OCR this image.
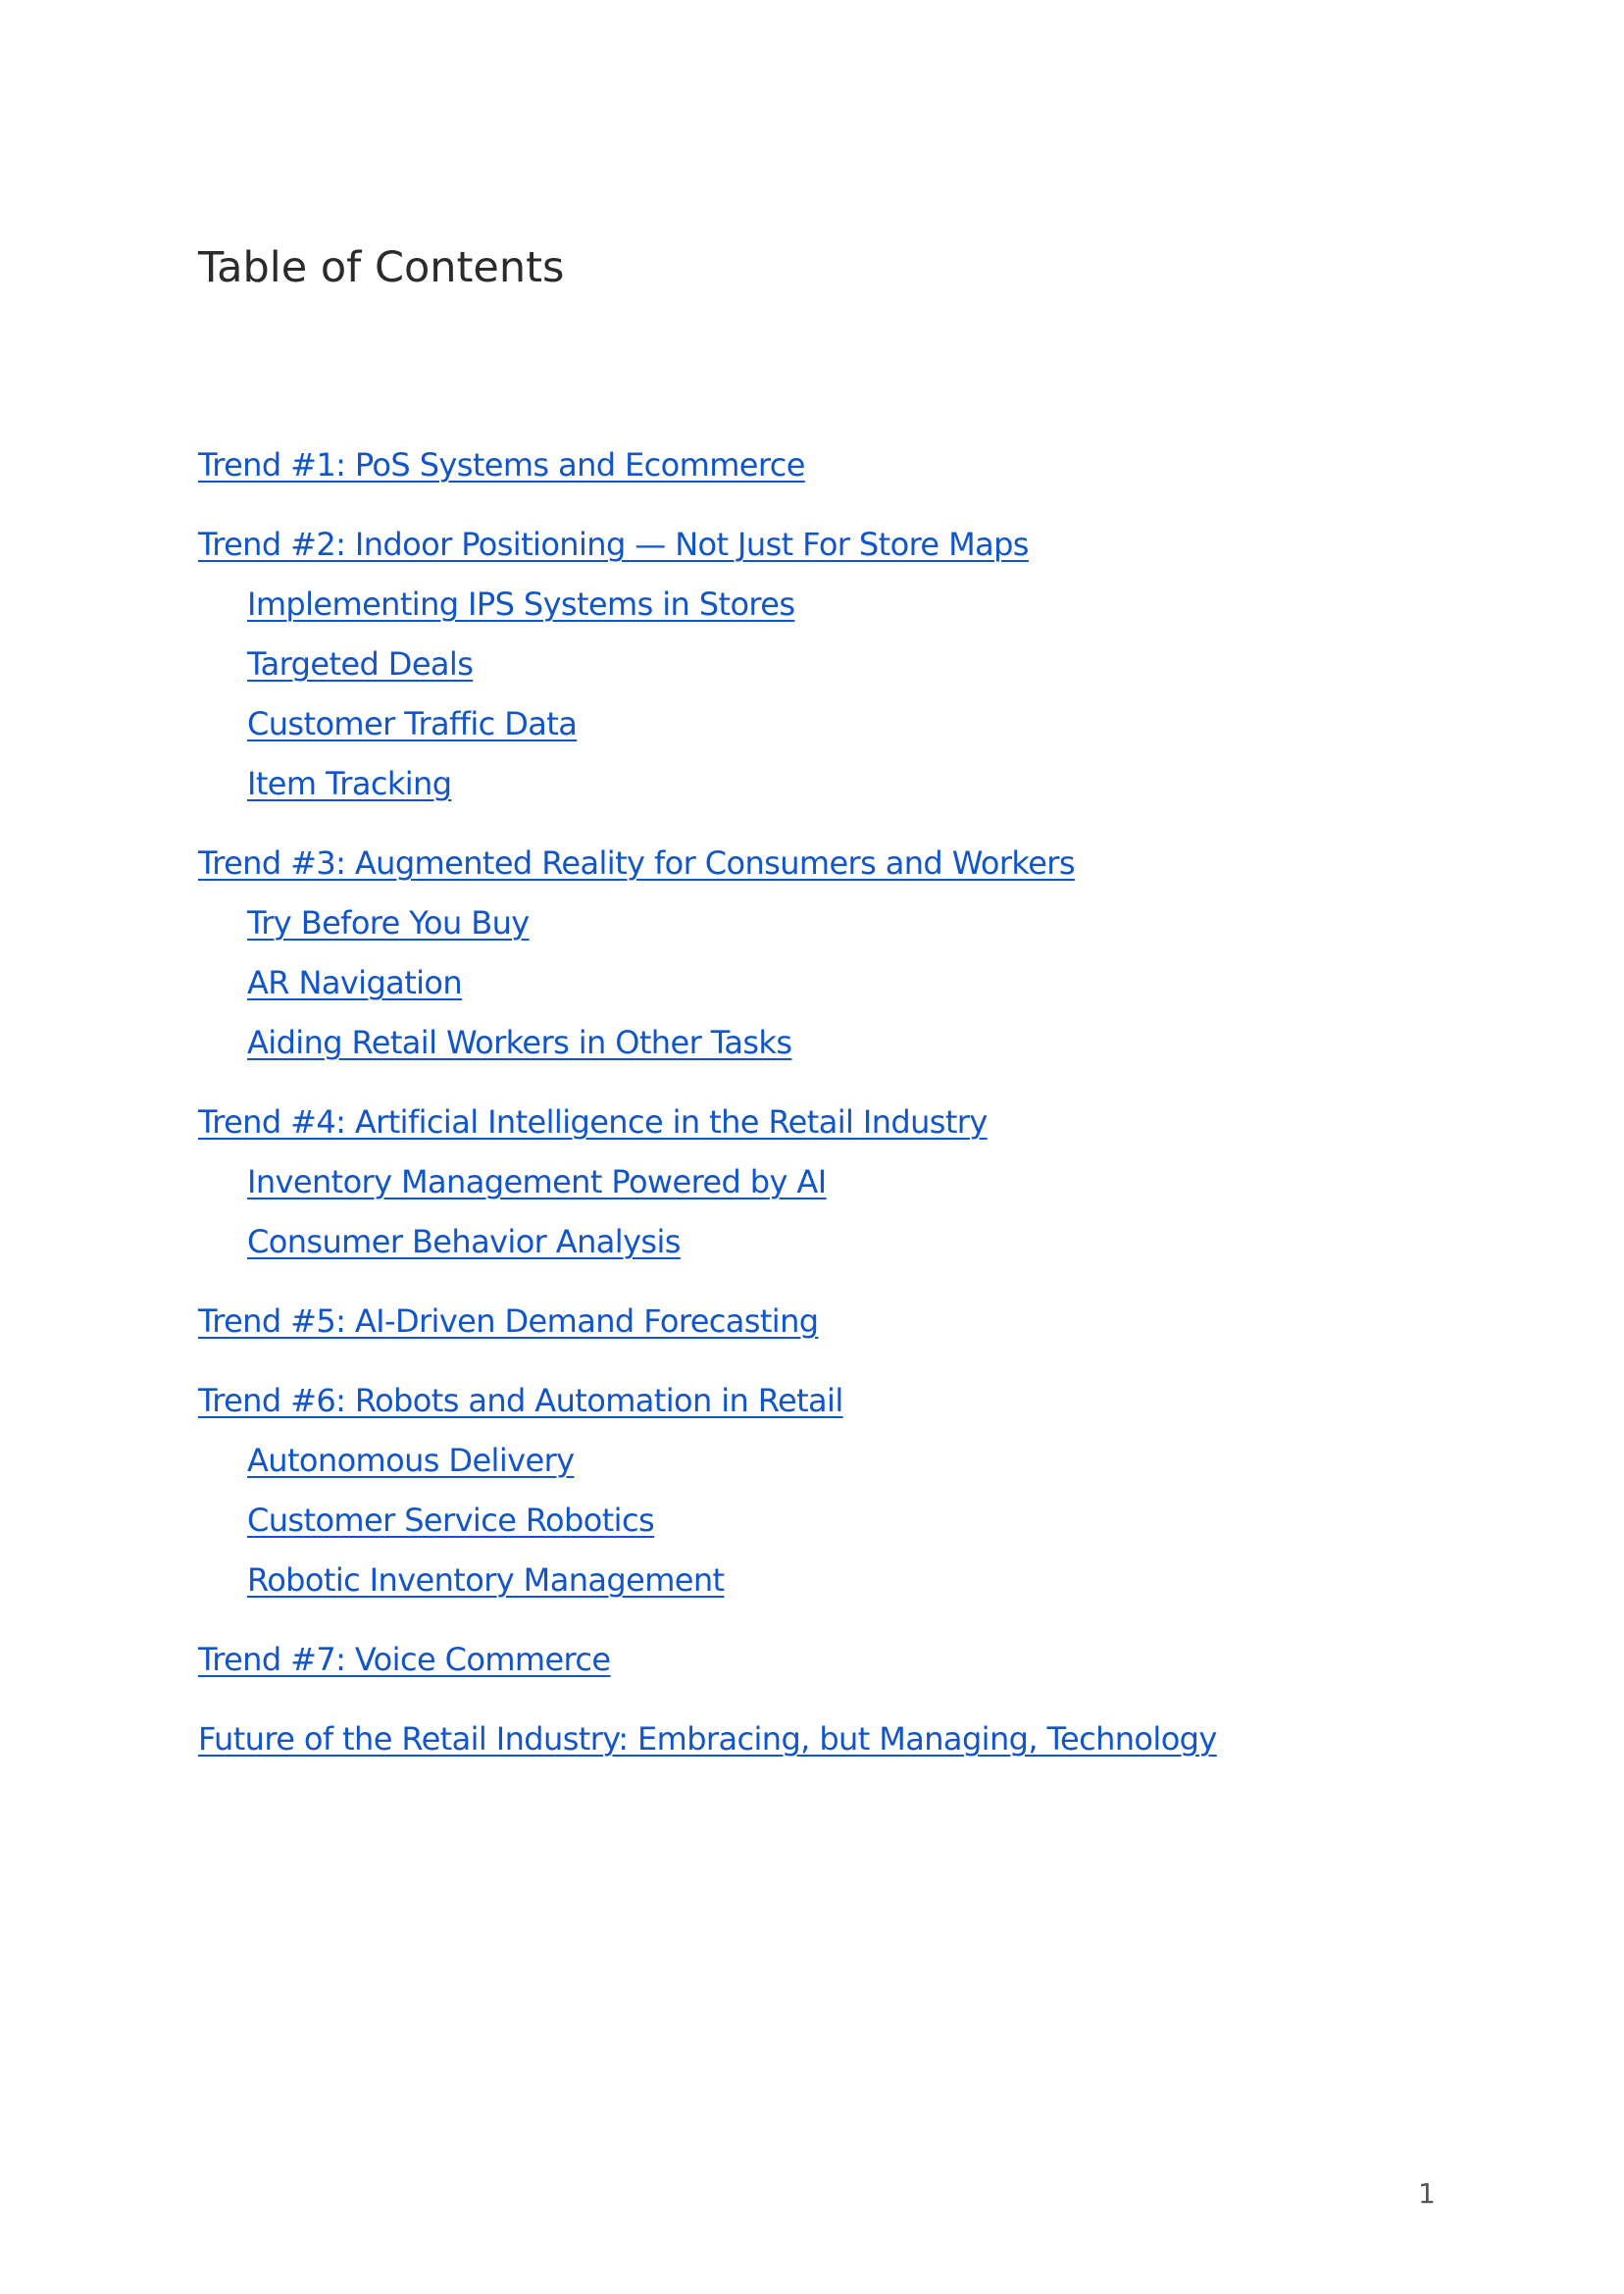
Table of Contents
Trend #1: PoS Systems and Ecommerce
Trend #2: Indoor Positioning — Not Just For Store Maps
Implementing IPS Systems in Stores
Targeted Deals
Customer Traffic Data
Item Tracking
Trend #3: Augmented Reality for Consumers and Workers
Try Before You Buy
AR Navigation
Aiding Retail Workers in Other Tasks
Trend #4: Artificial Intelligence in the Retail Industry
Inventory Management Powered by AI
Consumer Behavior Analysis
Trend #5: AI-Driven Demand Forecasting
Trend #6: Robots and Automation in Retail
Autonomous Delivery
Customer Service Robotics
Robotic Inventory Management
Trend #7: Voice Commerce
Future of the Retail Industry: Embracing, but Managing, Technology
1
